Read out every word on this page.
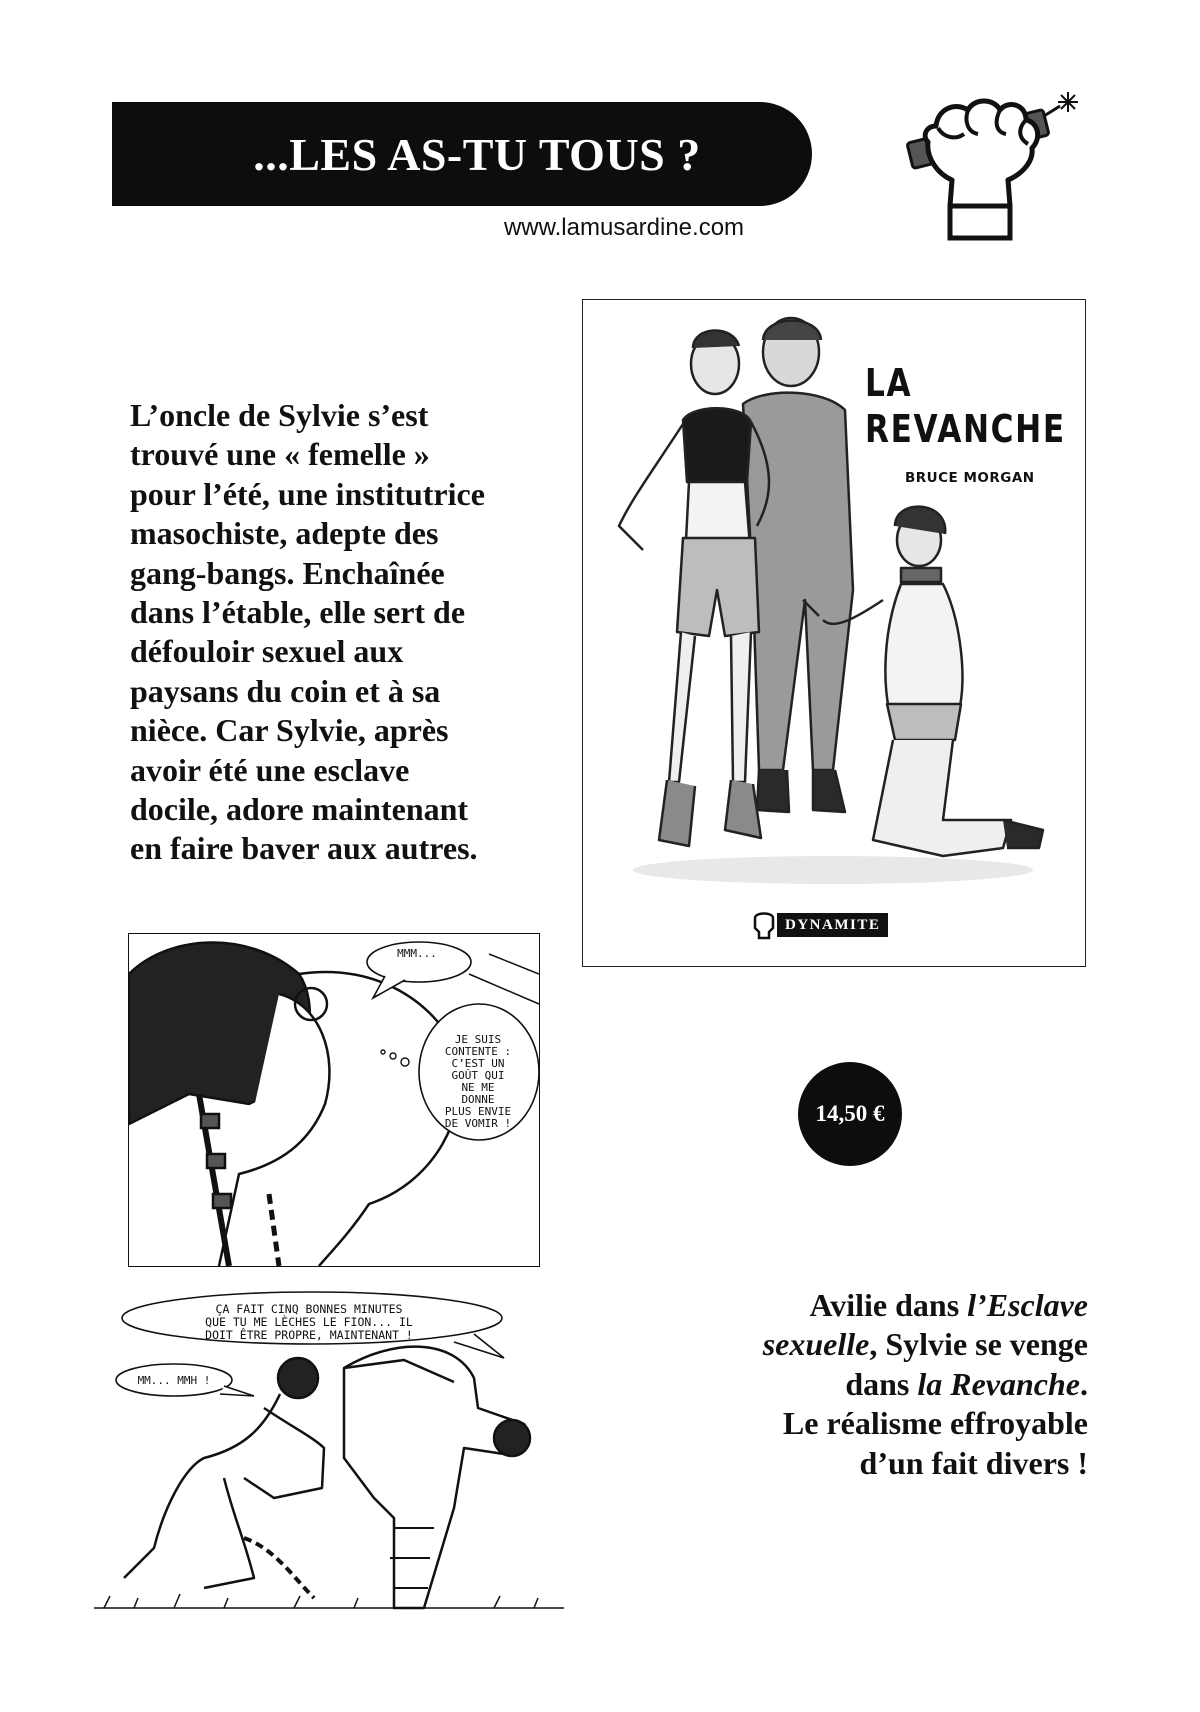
...LES AS-TU TOUS ?
www.lamusardine.com

L’oncle de Sylvie s’est
trouvé une « femelle »
pour l’été, une institutrice
masochiste, adepte des
gang-bangs. Enchaînée
dans l’étable, elle sert de
défouloir sexuel aux
paysans du coin et à sa
nièce. Car Sylvie, après
avoir été une esclave
docile, adore maintenant
en faire baver aux autres.

LA
REVANCHE
BRUCE MORGAN
DYNAMITE
14,50 €
MMM...
JE SUIS
CONTENTE :
C’EST UN
GOÛT QUI
NE ME
DONNE
PLUS ENVIE
DE VOMIR !
ÇA FAIT CINQ BONNES MINUTES
QUE TU ME LÈCHES LE FION... IL
DOIT ÊTRE PROPRE, MAINTENANT !
MM... MMH !

Avilie dans l’Esclave
sexuelle, Sylvie se venge
dans la Revanche.
Le réalisme effroyable
d’un fait divers !
